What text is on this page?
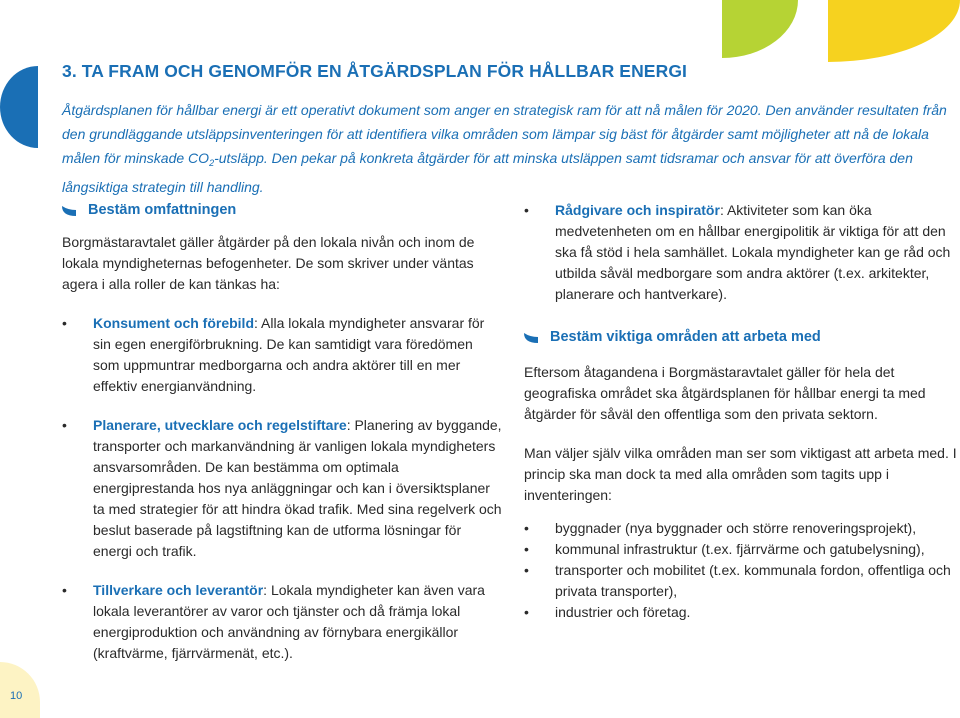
3. TA FRAM OCH GENOMFÖR EN ÅTGÄRDSPLAN FÖR HÅLLBAR ENERGI

Åtgärdsplanen för hållbar energi är ett operativt dokument som anger en strategisk ram för att nå målen för 2020. Den använder resultaten från den grundläggande utsläppsinventeringen för att identifiera vilka områden som lämpar sig bäst för åtgärder samt möjligheter att nå de lokala målen för minskade $CO_2$-utsläpp. Den pekar på konkreta åtgärder för att minska utsläppen samt tidsramar och ansvar för att överföra den långsiktiga strategin till handling.

Bestäm omfattningen

Borgmästaravtalet gäller åtgärder på den lokala nivån och inom de lokala myndigheternas befogenheter. De som skriver under väntas agera i alla roller de kan tänkas ha:

• Konsument och förebild: Alla lokala myndigheter ansvarar för sin egen energiförbrukning. De kan samtidigt vara föredömen som uppmuntrar medborgarna och andra aktörer till en mer effektiv energianvändning.
• Planerare, utvecklare och regelstiftare: Planering av byggande, transporter och markanvändning är vanligen lokala myndigheters ansvarsområden. De kan bestämma om optimala energiprestanda hos nya anläggningar och kan i översiktsplaner ta med strategier för att hindra ökad trafik. Med sina regelverk och beslut baserade på lagstiftning kan de utforma lösningar för energi och trafik.
• Tillverkare och leverantör: Lokala myndigheter kan även vara lokala leverantörer av varor och tjänster och då främja lokal energiproduktion och användning av förnybara energikällor (kraftvärme, fjärrvärmenät, etc.).
• Rådgivare och inspiratör: Aktiviteter som kan öka medvetenheten om en hållbar energipolitik är viktiga för att den ska få stöd i hela samhället. Lokala myndigheter kan ge råd och utbilda såväl medborgare som andra aktörer (t.ex. arkitekter, planerare och hantverkare).
Bestäm viktiga områden att arbeta med

Eftersom åtagandena i Borgmästaravtalet gäller för hela det geografiska området ska åtgärdsplanen för hållbar energi ta med åtgärder för såväl den offentliga som den privata sektorn.

Man väljer själv vilka områden man ser som viktigast att arbeta med. I princip ska man dock ta med alla områden som tagits upp i inventeringen:

• byggnader (nya byggnader och större renoveringsprojekt),
• kommunal infrastruktur (t.ex. fjärrvärme och gatubelysning),
• transporter och mobilitet (t.ex. kommunala fordon, offentliga och privata transporter),
• industrier och företag.
10
